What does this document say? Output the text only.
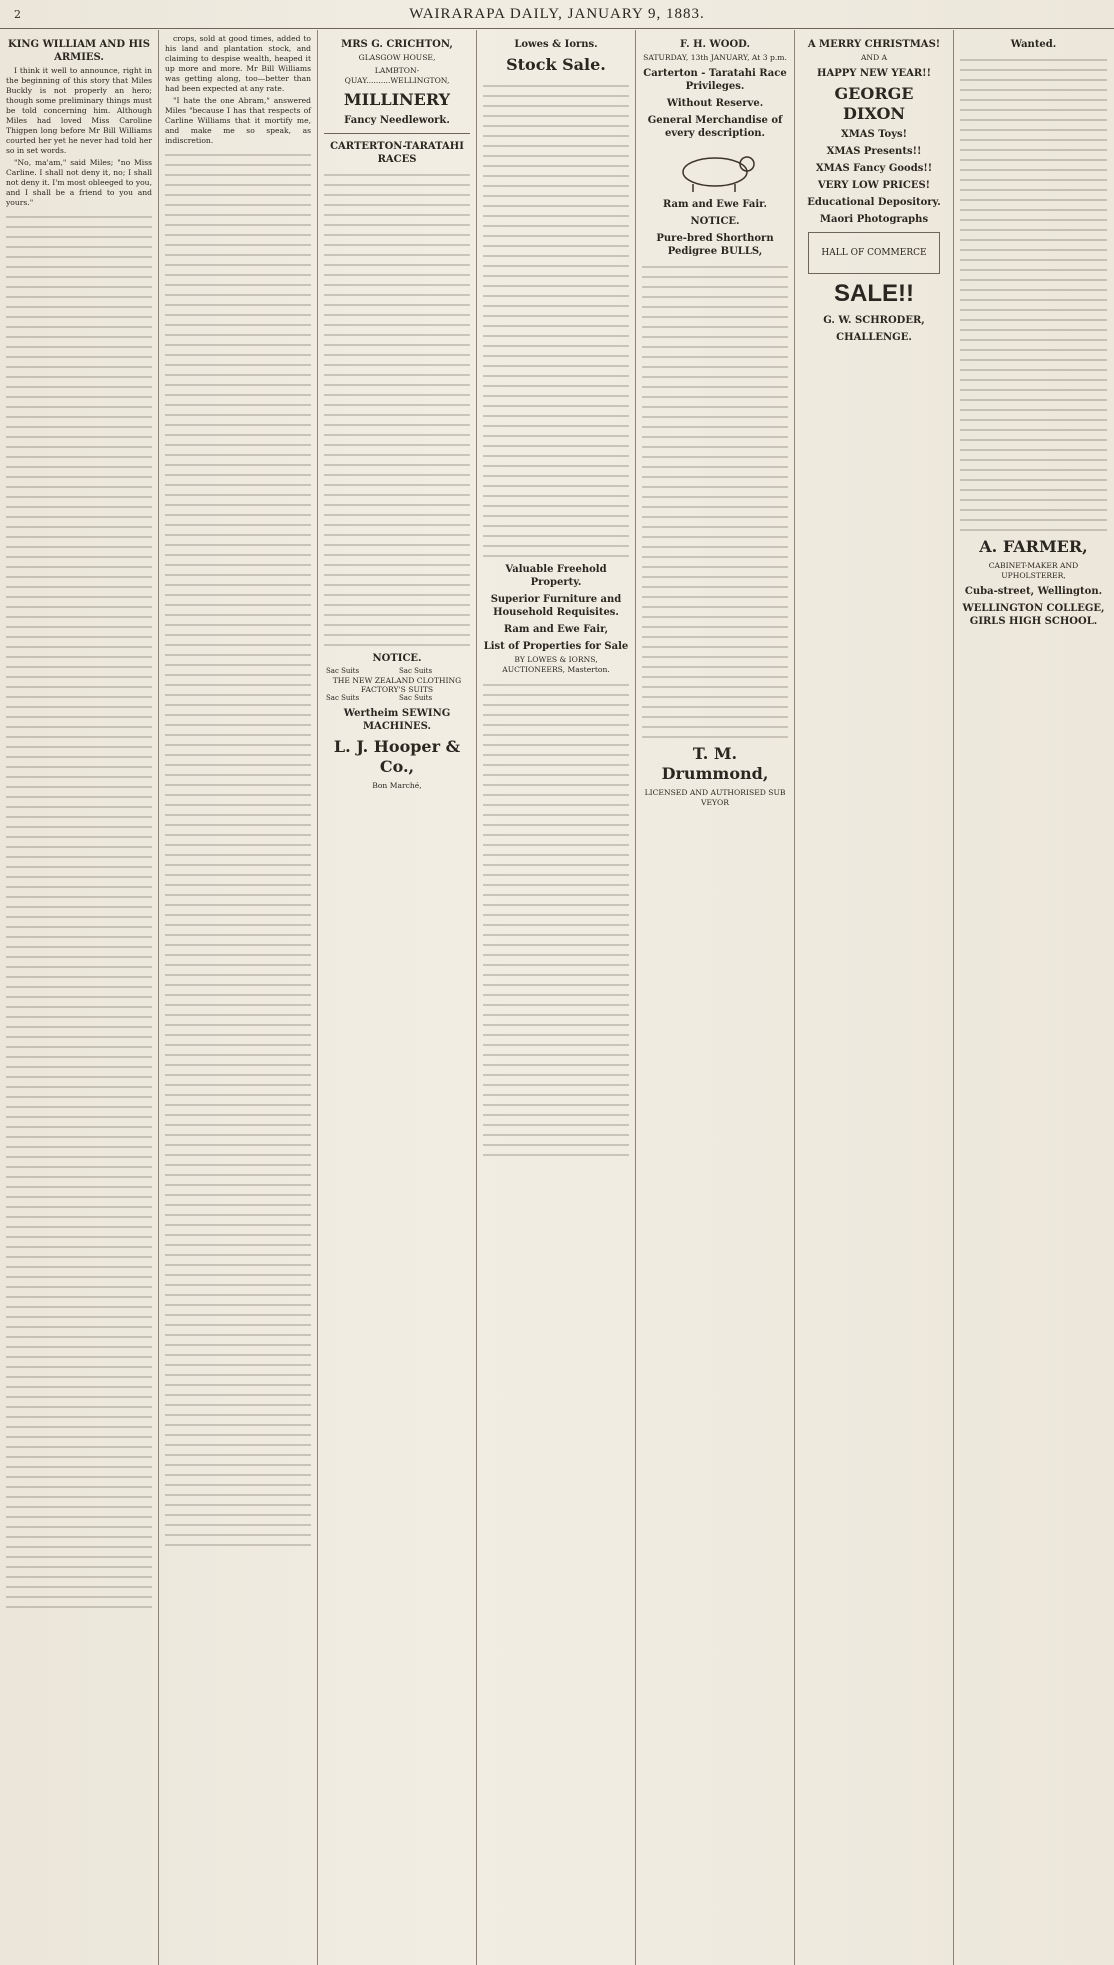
2	WAIRARAPA DAILY, JANUARY 9, 1883.
KING WILLIAM AND HIS ARMIES.
I think it well to announce, right in the beginning of this story that Miles Buckly is not properly an hero; though some preliminary things must be told concerning him. Although Miles had loved Miss Caroline Thigpen long before Mr Bill Williams courted her yet he never had told her so in set words.
"No, ma'am," said Miles; "no Miss Carline. I shall not deny it, no; I shall not deny it. I'm most obleeged to you, and I shall be a friend to you and yours."
crops, sold at good times, added to his land and plantation stock, and claiming to despise wealth, heaped it up more and more. Mr Bill Williams was getting along, too—better than had been expected at any rate.
"I hate the one Abram," answered Miles "because I has that respects of Carline Williams that it mortify me, and make me so speak, as indiscretion.
MRS G. CRICHTON,
GLASGOW HOUSE,
LAMBTON-QUAY..........WELLINGTON,
MILLINERY
Fancy Needlework.
CARTERTON-TARATAHI RACES
NOTICE.
Sac Suits	Sac Suits
THE NEW ZEALAND CLOTHING FACTORY'S SUITS	
Sac Suits	Sac Suits
Wertheim SEWING MACHINES.
L. J. Hooper & Co.,
Bon Marché,
Lowes & Iorns.
Stock Sale.
Valuable Freehold Property.
Superior Furniture and Household Requisites.
Ram and Ewe Fair,
List of Properties for Sale
BY LOWES & IORNS, AUCTIONEERS, Masterton.
F. H. WOOD.
SATURDAY, 13th JANUARY, At 3 p.m.
Carterton - Taratahi Race Privileges.
Without Reserve.
General Merchandise of every description.
Ram and Ewe Fair.
NOTICE.
Pure-bred Shorthorn Pedigree BULLS,
T. M. Drummond,
LICENSED AND AUTHORISED SUB VEYOR
A MERRY CHRISTMAS!
AND A
HAPPY NEW YEAR!!
GEORGE DIXON
XMAS Toys!
XMAS Presents!!
XMAS Fancy Goods!!
VERY LOW PRICES!
Educational Depository.
Maori Photographs
HALL OF COMMERCE
SALE!!
G. W. SCHRODER,
CHALLENGE.
Wanted.
A. FARMER,
CABINET-MAKER AND UPHOLSTERER,
Cuba-street, Wellington.
WELLINGTON COLLEGE, GIRLS HIGH SCHOOL.
